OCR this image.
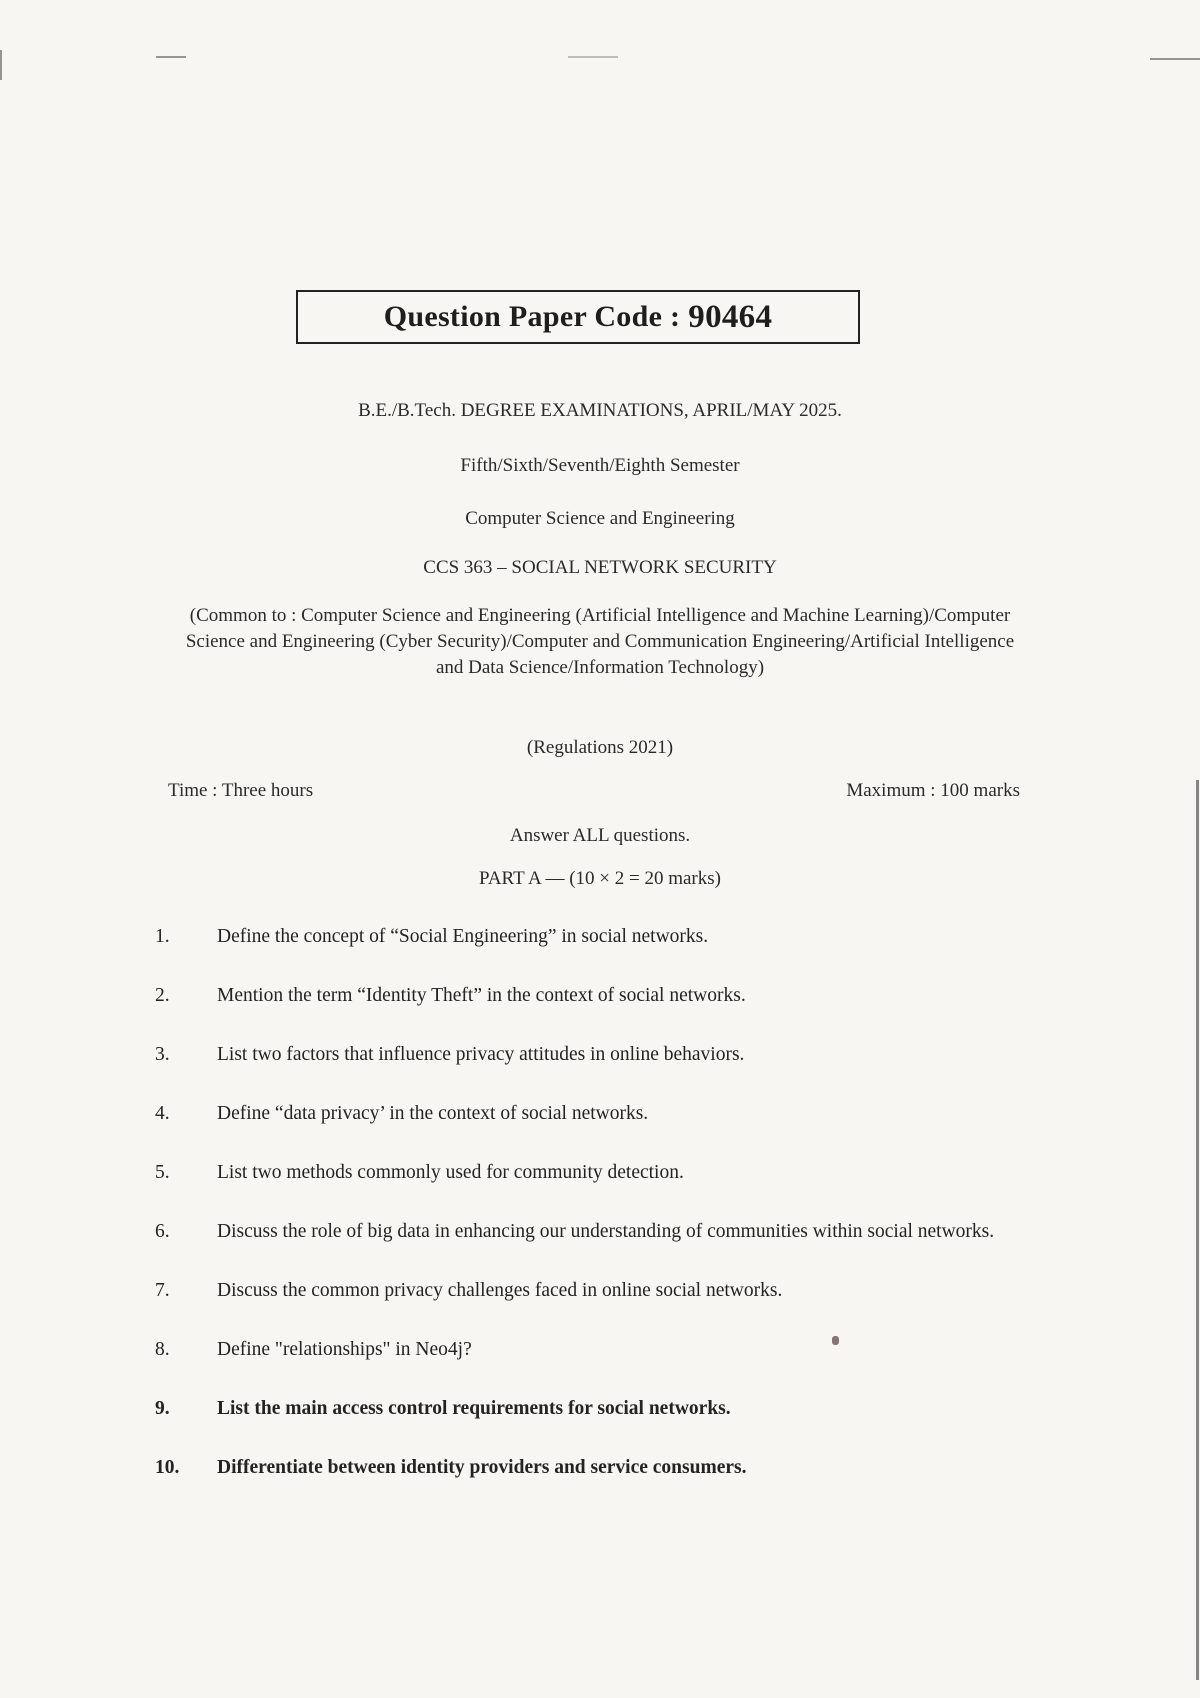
Question Paper Code : 90464
B.E./B.Tech. DEGREE EXAMINATIONS, APRIL/MAY 2025.
Fifth/Sixth/Seventh/Eighth Semester
Computer Science and Engineering
CCS 363 – SOCIAL NETWORK SECURITY
(Common to : Computer Science and Engineering (Artificial Intelligence and Machine Learning)/Computer Science and Engineering (Cyber Security)/Computer and Communication Engineering/Artificial Intelligence and Data Science/Information Technology)
(Regulations 2021)
Time : Three hours	Maximum : 100 marks
Answer ALL questions.
PART A — (10 × 2 = 20 marks)
1.	Define the concept of “Social Engineering” in social networks.
2.	Mention the term “Identity Theft” in the context of social networks.
3.	List two factors that influence privacy attitudes in online behaviors.
4.	Define “data privacy’ in the context of social networks.
5.	List two methods commonly used for community detection.
6.	Discuss the role of big data in enhancing our understanding of communities within social networks.
7.	Discuss the common privacy challenges faced in online social networks.
8.	Define "relationships" in Neo4j?
9.	List the main access control requirements for social networks.
10.	Differentiate between identity providers and service consumers.
